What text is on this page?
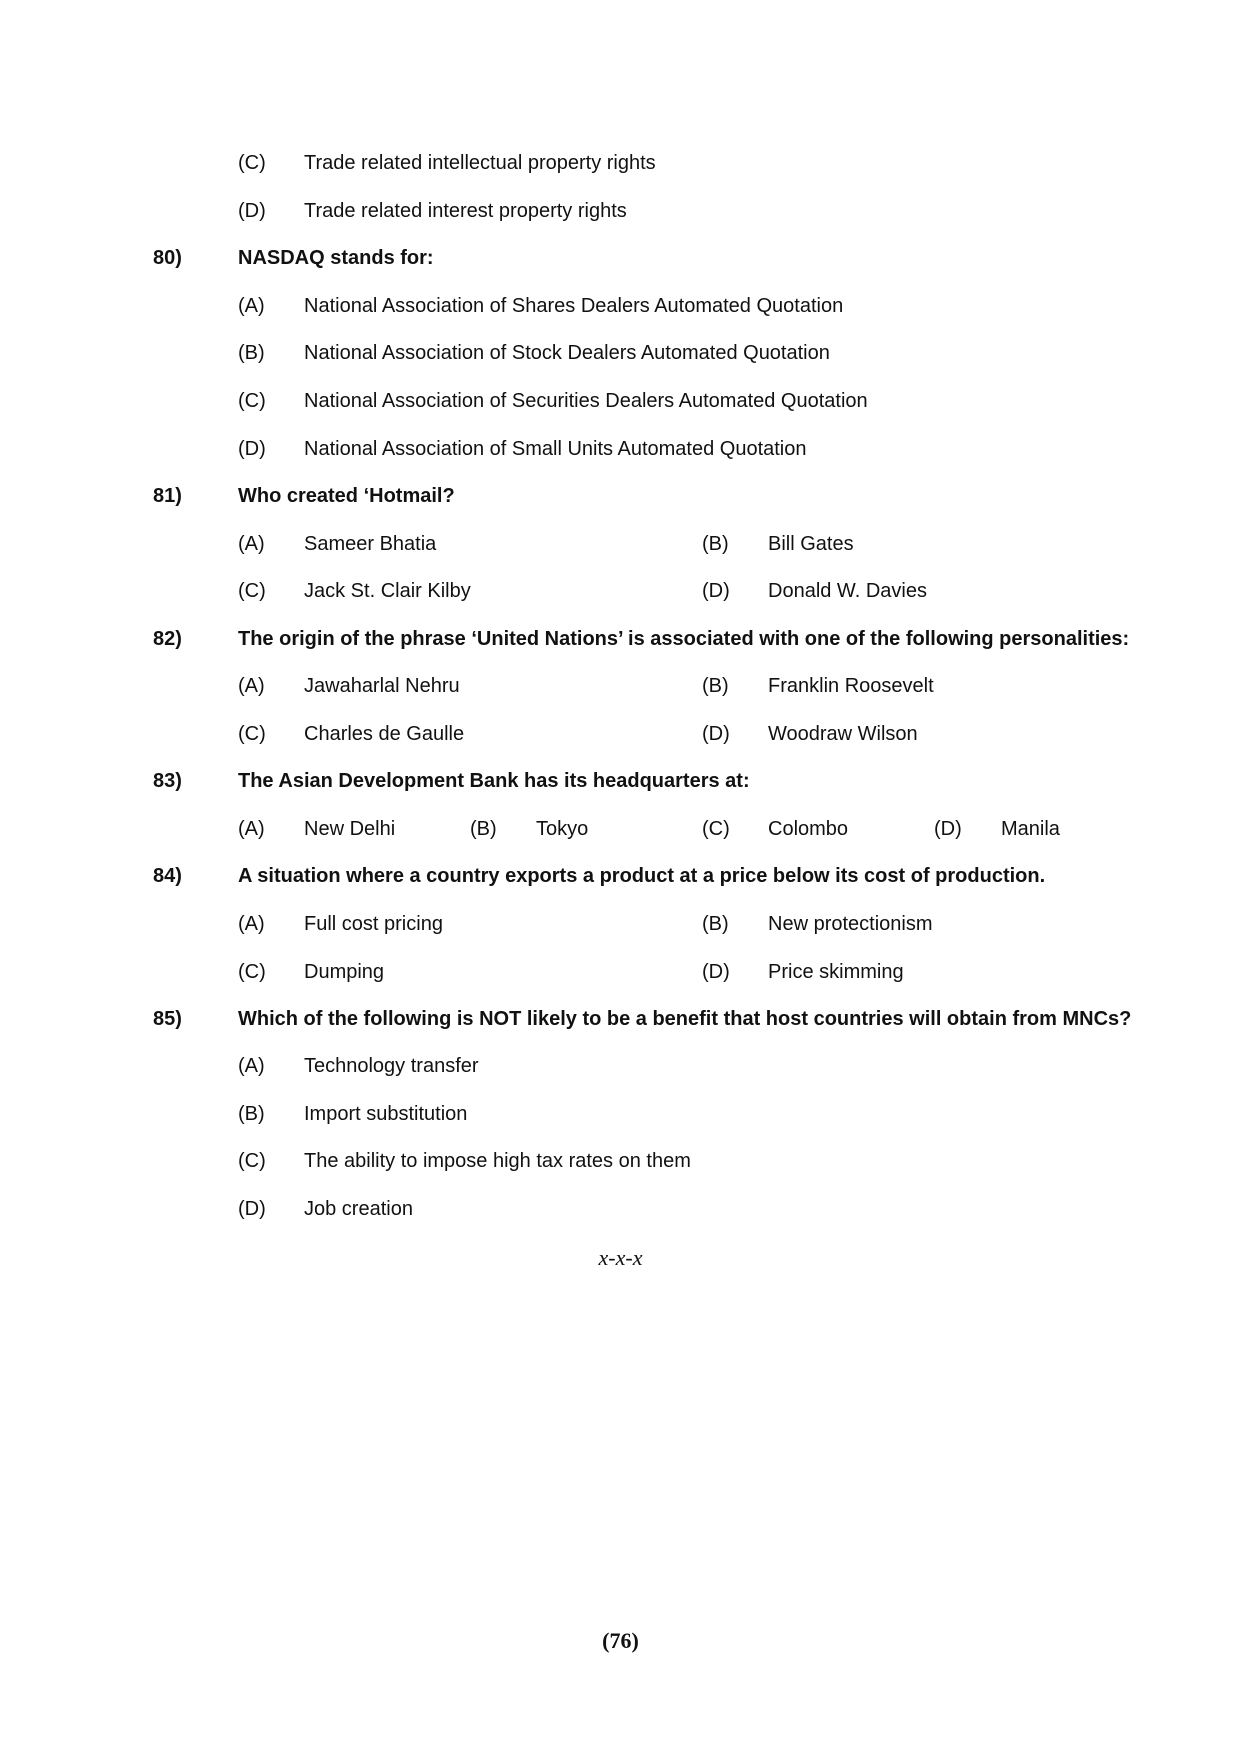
(C) Trade related intellectual property rights
(D) Trade related interest property rights
80)	NASDAQ stands for:
(A) National Association of Shares Dealers Automated Quotation
(B) National Association of Stock Dealers Automated Quotation
(C) National Association of Securities Dealers Automated Quotation
(D) National Association of Small Units Automated Quotation
81)	Who created ‘Hotmail?
(A) Sameer Bhatia	(B) Bill Gates
(C) Jack St. Clair Kilby	(D) Donald W. Davies
82)	The origin of the phrase ‘United Nations’ is associated with one of the following personalities:
(A) Jawaharlal Nehru	(B) Franklin Roosevelt
(C) Charles de Gaulle	(D) Woodraw Wilson
83)	The Asian Development Bank has its headquarters at:
(A) New Delhi	(B) Tokyo	(C) Colombo	(D) Manila
84)	A situation where a country exports a product at a price below its cost of production.
(A) Full cost pricing	(B) New protectionism
(C) Dumping	(D) Price skimming
85)	Which of the following is NOT likely to be a benefit that host countries will obtain from MNCs?
(A) Technology transfer
(B) Import substitution
(C) The ability to impose high tax rates on them
(D) Job creation
x-x-x
(76)
